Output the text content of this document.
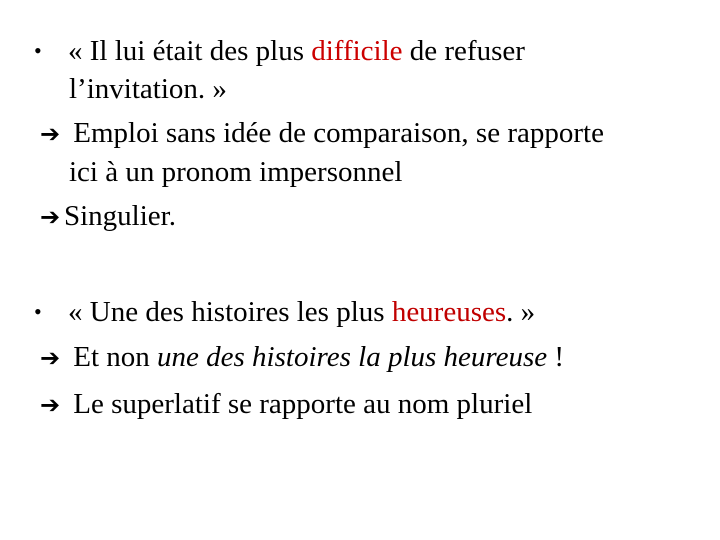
• « Il lui était des plus difficile de refuser
l’invitation. »
➔ Emploi sans idée de comparaison, se rapporte
ici à un pronom impersonnel
➔ Singulier.
• « Une des histoires les plus heureuses. »
➔ Et non une des histoires la plus heureuse !
➔ Le superlatif se rapporte au nom pluriel
